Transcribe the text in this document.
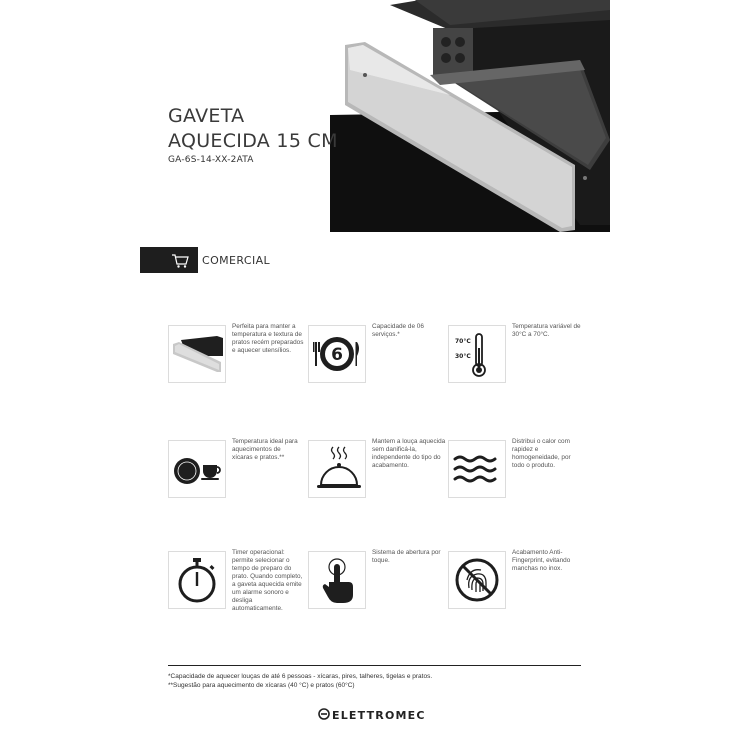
GAVETA
AQUECIDA 15 CM
GA-6S-14-XX-2ATA
COMERCIAL
Perfeita para manter a temperatura e textura de pratos recém preparados e aquecer utensílios.	6
Capacidade de 06 serviços.*
70°C
30°C
Temperatura variável de 30°C a 70°C.
Temperatura ideal para aquecimentos de xícaras e pratos.**
Mantem a louça aquecida sem danificá-la, independente do tipo do acabamento.
Distribui o calor com rapidez e homogeneidade, por todo o produto.
Timer operacional: permite selecionar o tempo de preparo do prato. Quando completo, a gaveta aquecida emite um alarme sonoro e desliga automaticamente.
Sistema de abertura por toque.
Acabamento Anti-Fingerprint, evitando manchas no inox.
*Capacidade de aquecer louças de até 6 pessoas - xícaras, pires, talheres, tigelas e pratos.
**Sugestão para aquecimento de xícaras (40 °C) e pratos (60°C)
ELETTROMEC
